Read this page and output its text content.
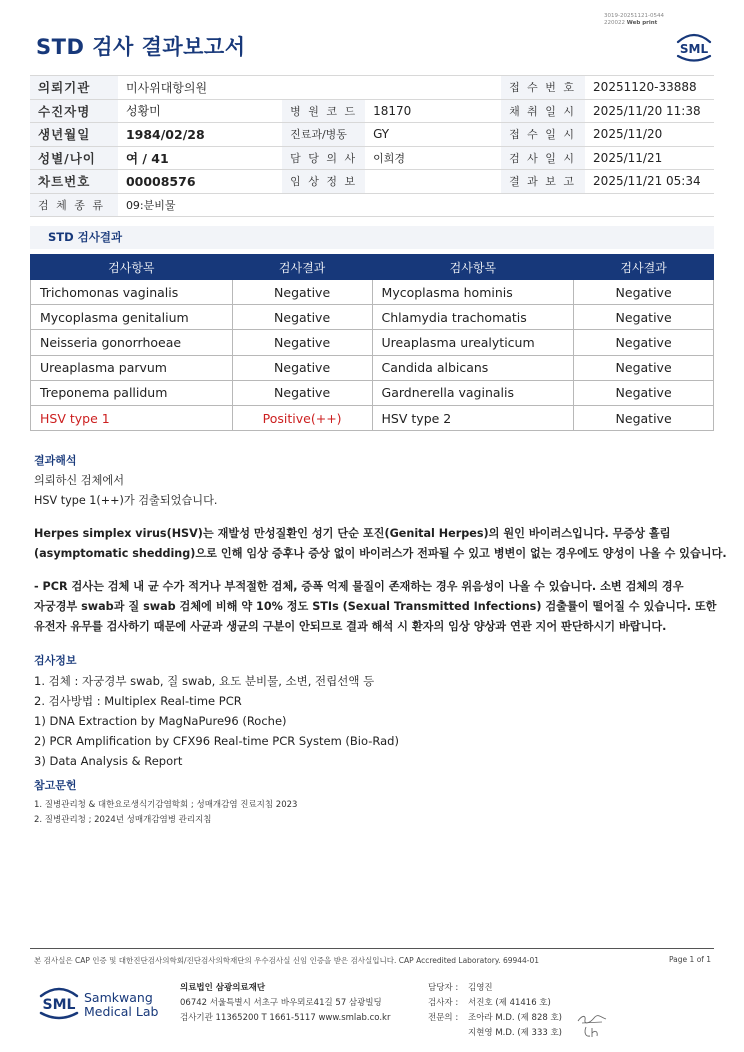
3019-20251121-0544
220022 Web print
STD 검사 결과보고서	SML
의뢰기관	미사위대항의원			접 수 번 호	20251120-33888
수진자명	성황미	병 원 코 드	18170	채 취 일 시	2025/11/20 11:38
생년월일	1984/02/28	진료과/병동	GY	접 수 일 시	2025/11/20
성별/나이	여 / 41	담 당 의 사	이희경	검 사 일 시	2025/11/21
차트번호	00008576	임 상 정 보		결 과 보 고	2025/11/21 05:34
검 체 종 류	09:분비물				
STD 검사결과
검사항목	검사결과	검사항목	검사결과
Trichomonas vaginalis	Negative	Mycoplasma hominis	Negative
Mycoplasma genitalium	Negative	Chlamydia trachomatis	Negative
Neisseria gonorrhoeae	Negative	Ureaplasma urealyticum	Negative
Ureaplasma parvum	Negative	Candida albicans	Negative
Treponema pallidum	Negative	Gardnerella vaginalis	Negative
HSV type 1	Positive(++)	HSV type 2	Negative
결과해석
의뢰하신 검체에서
HSV type 1(++)가 검출되었습니다.
Herpes simplex virus(HSV)는 재발성 만성질환인 성기 단순 포진(Genital Herpes)의 원인 바이러스입니다. 무증상 흘림
(asymptomatic shedding)으로 인해 임상 증후나 증상 없이 바이러스가 전파될 수 있고 병변이 없는 경우에도 양성이 나올 수 있습니다.
- PCR 검사는 검체 내 균 수가 적거나 부적절한 검체, 증폭 억제 물질이 존재하는 경우 위음성이 나올 수 있습니다. 소변 검체의 경우
자궁경부 swab과 질 swab 검체에 비해 약 10% 정도 STIs (Sexual Transmitted Infections) 검출률이 떨어질 수 있습니다. 또한
유전자 유무를 검사하기 때문에 사균과 생균의 구분이 안되므로 결과 해석 시 환자의 임상 양상과 연관 지어 판단하시기 바랍니다.
검사정보
1. 검체 : 자궁경부 swab, 질 swab, 요도 분비물, 소변, 전립선액 등
2. 검사방법 : Multiplex Real-time PCR
1) DNA Extraction by MagNaPure96 (Roche)
2) PCR Amplification by CFX96 Real-time PCR System (Bio-Rad)
3) Data Analysis & Report
참고문헌
1. 질병관리청 & 대한요로생식기감염학회 ; 성매개감염 진료지침 2023
2. 질병관리청 ; 2024년 성매개감염병 관리지침
본 검사실은 CAP 인증 및 대한진단검사의학회/진단검사의학재단의 우수검사실 신임 인증을 받은 검사실입니다. CAP Accredited Laboratory. 69944-01	Page 1 of 1
SML Samkwang
Medical Lab
의료법인 삼광의료재단
06742 서울특별시 서초구 바우뫼로41길 57 삼광빌딩
검사기관 11365200 T 1661-5117 www.smlab.co.kr
담당자 : 김영진
검사자 : 서진호 (제 41416 호)
전문의 : 조아라 M.D. (제 828 호)
지현영 M.D. (제 333 호)
